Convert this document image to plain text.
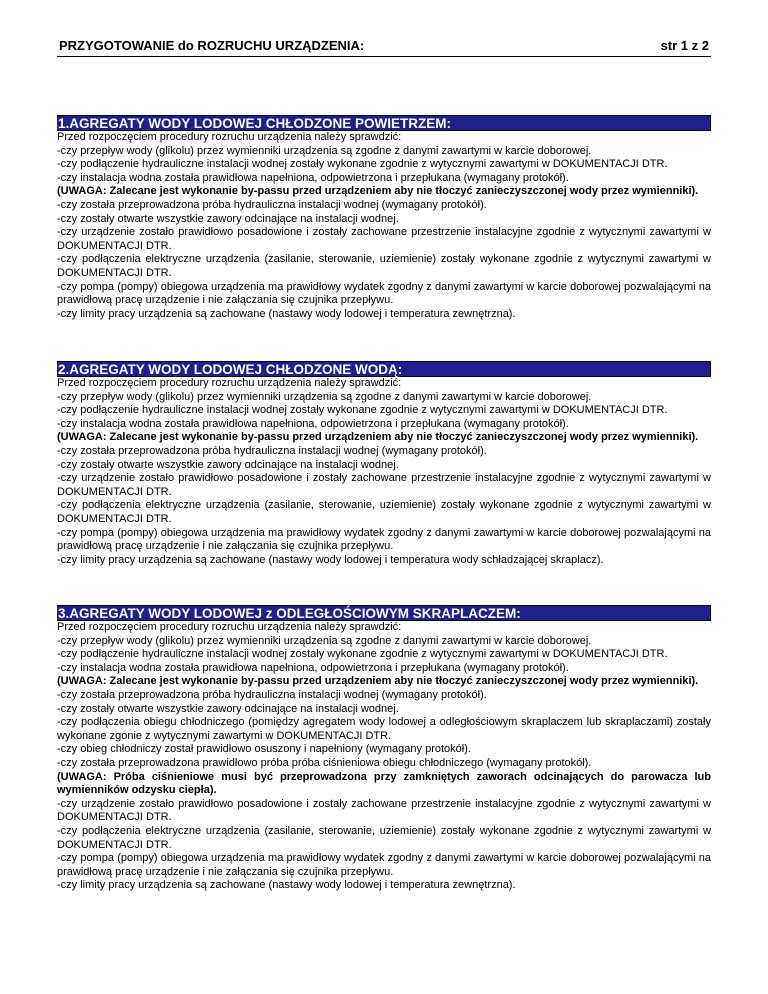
PRZYGOTOWANIE do ROZRUCHU URZĄDZENIA:	str 1 z 2
1.AGREGATY WODY LODOWEJ CHŁODZONE POWIETRZEM:
Przed rozpoczęciem procedury rozruchu urządzenia należy sprawdzić:
-czy przepływ wody (glikolu) przez wymienniki urządzenia są zgodne z danymi zawartymi w karcie doborowej.
-czy podłączenie hydrauliczne instalacji wodnej zostały wykonane zgodnie z wytycznymi zawartymi w DOKUMENTACJI DTR.
-czy instalacja wodna została prawidłowa napełniona, odpowietrzona i przepłukana (wymagany protokół).
(UWAGA: Zalecane jest wykonanie by-passu przed urządzeniem aby nie tłoczyć zanieczyszczonej wody przez wymienniki).
-czy została przeprowadzona próba hydrauliczna instalacji wodnej (wymagany protokół).
-czy zostały otwarte wszystkie zawory odcinające na instalacji wodnej.
-czy urządzenie zostało prawidłowo posadowione i zostały zachowane przestrzenie instalacyjne zgodnie z wytycznymi zawartymi w DOKUMENTACJI DTR.
-czy podłączenia elektryczne urządzenia (zasilanie, sterowanie, uziemienie) zostały wykonane zgodnie z wytycznymi zawartymi w DOKUMENTACJI DTR.
-czy pompa (pompy) obiegowa urządzenia ma prawidłowy wydatek zgodny z danymi zawartymi w karcie doborowej pozwalającymi na prawidłową pracę urządzenie i nie załączania się czujnika przepływu.
-czy limity pracy urządzenia są zachowane (nastawy wody lodowej i temperatura zewnętrzna).
2.AGREGATY WODY LODOWEJ CHŁODZONE WODĄ:
Przed rozpoczęciem procedury rozruchu urządzenia należy sprawdzić:
-czy przepływ wody (glikolu) przez wymienniki urządzenia są zgodne z danymi zawartymi w karcie doborowej.
-czy podłączenie hydrauliczne instalacji wodnej zostały wykonane zgodnie z wytycznymi zawartymi w DOKUMENTACJI DTR.
-czy instalacja wodna została prawidłowa napełniona, odpowietrzona i przepłukana (wymagany protokół).
(UWAGA: Zalecane jest wykonanie by-passu przed urządzeniem aby nie tłoczyć zanieczyszczonej wody przez wymienniki).
-czy została przeprowadzona próba hydrauliczna instalacji wodnej (wymagany protokół).
-czy zostały otwarte wszystkie zawory odcinające na instalacji wodnej.
-czy urządzenie zostało prawidłowo posadowione i zostały zachowane przestrzenie instalacyjne zgodnie z wytycznymi zawartymi w DOKUMENTACJI DTR.
-czy podłączenia elektryczne urządzenia (zasilanie, sterowanie, uziemienie) zostały wykonane zgodnie z wytycznymi zawartymi w DOKUMENTACJI DTR.
-czy pompa (pompy) obiegowa urządzenia ma prawidłowy wydatek zgodny z danymi zawartymi w karcie doborowej pozwalającymi na prawidłową pracę urządzenie i nie załączania się czujnika przepływu.
-czy limity pracy urządzenia są zachowane (nastawy wody lodowej i temperatura wody schładzającej skraplacz).
3.AGREGATY WODY LODOWEJ z ODLEGŁOŚCIOWYM SKRAPLACZEM:
Przed rozpoczęciem procedury rozruchu urządzenia należy sprawdzić:
-czy przepływ wody (glikolu) przez wymienniki urządzenia są zgodne z danymi zawartymi w karcie doborowej.
-czy podłączenie hydrauliczne instalacji wodnej zostały wykonane zgodnie z wytycznymi zawartymi w DOKUMENTACJI DTR.
-czy instalacja wodna została prawidłowa napełniona, odpowietrzona i przepłukana (wymagany protokół).
(UWAGA: Zalecane jest wykonanie by-passu przed urządzeniem aby nie tłoczyć zanieczyszczonej wody przez wymienniki).
-czy została przeprowadzona próba hydrauliczna instalacji wodnej (wymagany protokół).
-czy zostały otwarte wszystkie zawory odcinające na instalacji wodnej.
-czy podłączenia obiegu chłodniczego (pomiędzy agregatem wody lodowej a odległościowym skraplaczem lub skraplaczami) zostały wykonane zgonie z wytycznymi zawartymi w DOKUMENTACJI DTR.
-czy obieg chłodniczy został prawidłowo osuszony i napełniony (wymagany protokół).
-czy została przeprowadzona prawidłowo próba próba ciśnieniowa obiegu chłodniczego (wymagany protokół).
(UWAGA: Próba ciśnieniowe musi być przeprowadzona przy zamkniętych zaworach odcinających do parowacza lub wymienników odzysku ciepła).
-czy urządzenie zostało prawidłowo posadowione i zostały zachowane przestrzenie instalacyjne zgodnie z wytycznymi zawartymi w DOKUMENTACJI DTR.
-czy podłączenia elektryczne urządzenia (zasilanie, sterowanie, uziemienie) zostały wykonane zgodnie z wytycznymi zawartymi w DOKUMENTACJI DTR.
-czy pompa (pompy) obiegowa urządzenia ma prawidłowy wydatek zgodny z danymi zawartymi w karcie doborowej pozwalającymi na prawidłową pracę urządzenie i nie załączania się czujnika przepływu.
-czy limity pracy urządzenia są zachowane (nastawy wody lodowej i temperatura zewnętrzna).
